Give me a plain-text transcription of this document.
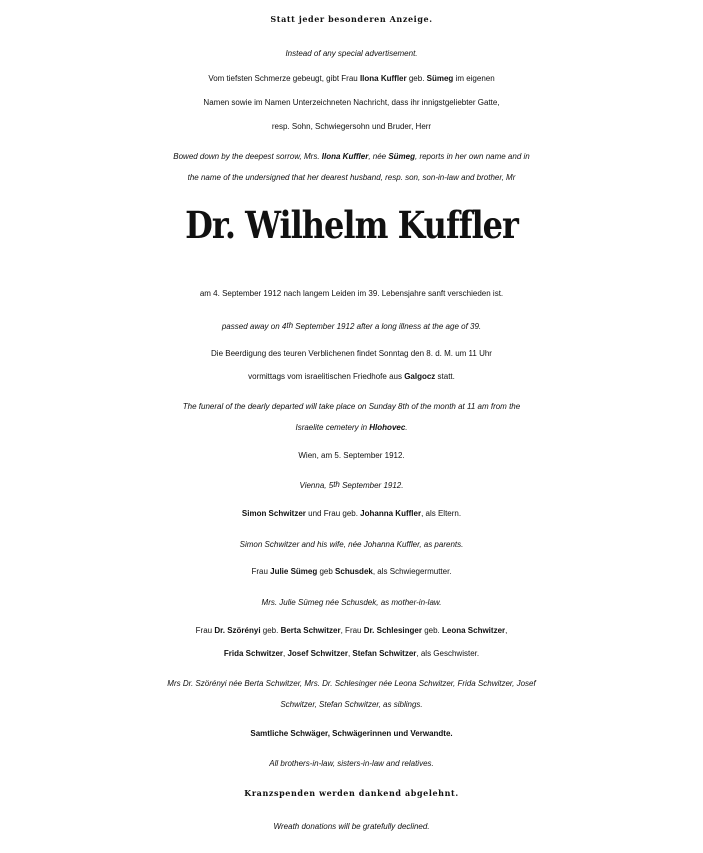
Statt jeder besonderen Anzeige.
Instead of any special advertisement.
Vom tiefsten Schmerze gebeugt, gibt Frau Ilona Kuffler geb. Sümeg im eigenen
Namen sowie im Namen Unterzeichneten Nachricht, dass ihr innigstgeliebter Gatte,
resp. Sohn, Schwiegersohn und Bruder, Herr
Bowed down by the deepest sorrow, Mrs. Ilona Kuffler, née Sümeg, reports in her own name and in
the name of the undersigned that her dearest husband, resp. son, son-in-law and brother, Mr
Dr. Wilhelm Kuffler
am 4. September 1912 nach langem Leiden im 39. Lebensjahre sanft verschieden ist.
passed away on 4th September 1912 after a long illness at the age of 39.
Die Beerdigung des teuren Verblichenen findet Sonntag den 8. d. M. um 11 Uhr
vormittags vom israelitischen Friedhofe aus Galgocz statt.
The funeral of the dearly departed will take place on Sunday 8th of the month at 11 am from the
Israelite cemetery in Hlohovec.
Wien, am 5. September 1912.
Vienna, 5th September 1912.
Simon Schwitzer und Frau geb. Johanna Kuffler, als Eltern.
Simon Schwitzer and his wife, née Johanna Kuffler, as parents.
Frau Julie Sümeg geb Schusdek, als Schwiegermutter.
Mrs. Julie Sümeg née Schusdek, as mother-in-law.
Frau Dr. Szörényi geb. Berta Schwitzer, Frau Dr. Schlesinger geb. Leona Schwitzer,
Frida Schwitzer, Josef Schwitzer, Stefan Schwitzer, als Geschwister.
Mrs Dr. Szörényi née Berta Schwitzer, Mrs. Dr. Schlesinger née Leona Schwitzer, Frida Schwitzer, Josef
Schwitzer, Stefan Schwitzer, as siblings.
Samtliche Schwäger, Schwägerinnen und Verwandte.
All brothers-in-law, sisters-in-law and relatives.
Kranzspenden werden dankend abgelehnt.
Wreath donations will be gratefully declined.
